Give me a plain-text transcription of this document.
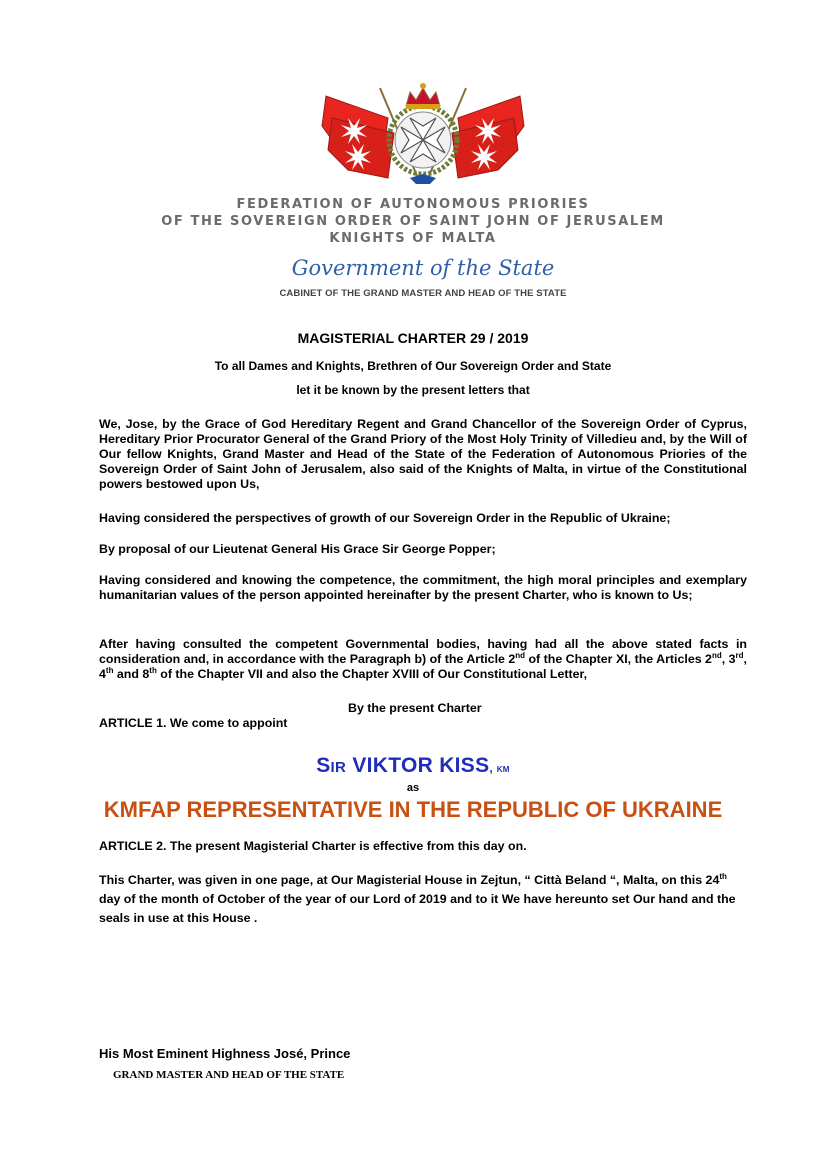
FEDERATION OF AUTONOMOUS PRIORIES
OF THE SOVEREIGN ORDER OF SAINT JOHN OF JERUSALEM
KNIGHTS OF MALTA
Government of the State
CABINET OF THE GRAND MASTER AND HEAD OF THE STATE
MAGISTERIAL CHARTER 29 / 2019
To all Dames and Knights, Brethren of Our Sovereign Order and State
let it be known by the present letters that
We, Jose, by the Grace of God Hereditary Regent and Grand Chancellor of the Sovereign Order of Cyprus, Hereditary Prior Procurator General of the Grand Priory of the Most Holy Trinity of Villedieu and, by the Will of Our fellow Knights, Grand Master and Head of the State of the Federation of Autonomous Priories of the Sovereign Order of Saint John of Jerusalem, also said of the Knights of Malta, in virtue of the Constitutional powers bestowed upon Us,
Having considered the perspectives of growth of our Sovereign Order in the Republic of Ukraine;
By proposal of our Lieutenat General His Grace Sir George Popper;
Having considered and knowing the competence, the commitment, the high moral principles and exemplary humanitarian values of the person appointed hereinafter by the present Charter, who is known to Us;
After having consulted the competent Governmental bodies, having had all the above stated facts in consideration and, in accordance with the Paragraph b) of the Article 2nd of the Chapter XI, the Articles 2nd, 3rd, 4th and 8th of the Chapter VII and also the Chapter XVIII of Our Constitutional Letter,
By the present Charter
ARTICLE 1. We come to appoint
Sir VIKTOR KISS, km
as
KMFAP REPRESENTATIVE IN THE REPUBLIC OF UKRAINE
ARTICLE 2. The present Magisterial Charter is effective from this day on.
This Charter, was given in one page, at Our Magisterial House in Zejtun, “ Città Beland “, Malta, on this 24th day of the month of October of the year of our Lord of 2019 and to it We have hereunto set Our hand and the seals in use at this House .
His Most Eminent Highness José, Prince
GRAND MASTER AND HEAD OF THE STATE
